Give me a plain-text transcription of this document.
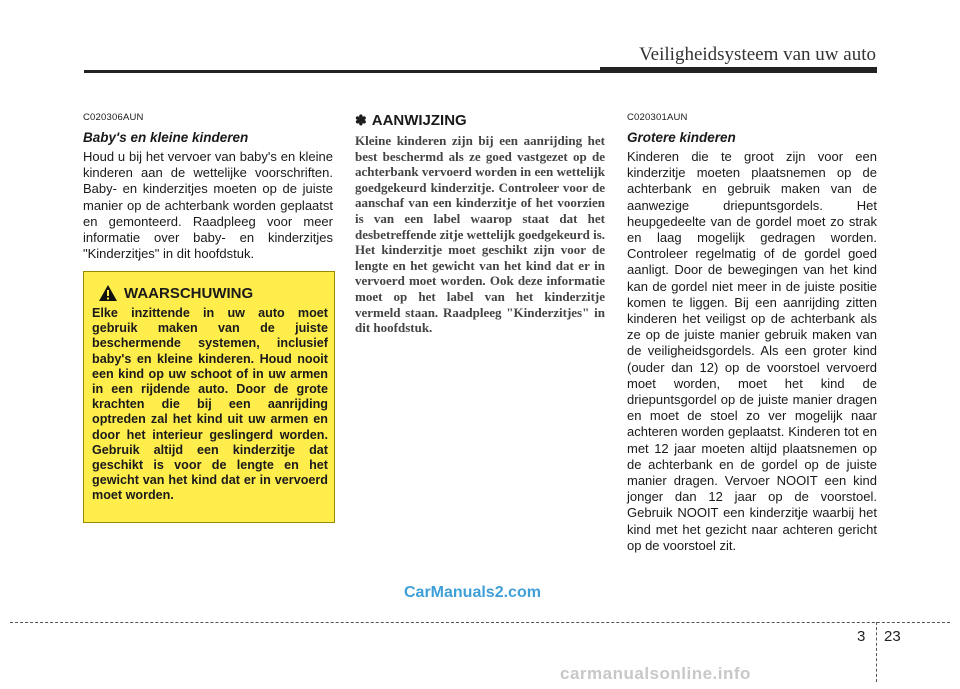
Veiligheidsysteem van uw auto

C020306AUN

Baby's en kleine kinderen

Houd u bij het vervoer van baby's en kleine kinderen aan de wettelijke voorschriften. Baby- en kinderzitjes moeten op de juiste manier op de achterbank worden geplaatst en gemonteerd. Raadpleeg voor meer informatie over baby- en kinderzitjes "Kinderzitjes" in dit hoofdstuk.

WAARSCHUWING

Elke inzittende in uw auto moet gebruik maken van de juiste beschermende systemen, inclusief baby's en kleine kinderen. Houd nooit een kind op uw schoot of in uw armen in een rijdende auto. Door de grote krachten die bij een aanrijding optreden zal het kind uit uw armen en door het interieur geslingerd worden. Gebruik altijd een kinderzitje dat geschikt is voor de lengte en het gewicht van het kind dat er in vervoerd moet worden.

✽ AANWIJZING

Kleine kinderen zijn bij een aanrijding het best beschermd als ze goed vastgezet op de achterbank vervoerd worden in een wettelijk goedgekeurd kinderzitje. Controleer voor de aanschaf van een kinderzitje of het voorzien is van een label waarop staat dat het desbetreffende zitje wettelijk goedgekeurd is. Het kinderzitje moet geschikt zijn voor de lengte en het gewicht van het kind dat er in vervoerd moet worden. Ook deze informatie moet op het label van het kinderzitje vermeld staan. Raadpleeg "Kinderzitjes" in dit hoofdstuk.

C020301AUN

Grotere kinderen

Kinderen die te groot zijn voor een kinderzitje moeten plaatsnemen op de achterbank en gebruik maken van de aanwezige driepuntsgordels. Het heupgedeelte van de gordel moet zo strak en laag mogelijk gedragen worden. Controleer regelmatig of de gordel goed aanligt. Door de bewegingen van het kind kan de gordel niet meer in de juiste positie komen te liggen. Bij een aanrijding zitten kinderen het veiligst op de achterbank als ze op de juiste manier gebruik maken van de veiligheidsgordels. Als een groter kind (ouder dan 12) op de voorstoel vervoerd moet worden, moet het kind de driepuntsgordel op de juiste manier dragen en moet de stoel zo ver mogelijk naar achteren worden geplaatst. Kinderen tot en met 12 jaar moeten altijd plaatsnemen op de achterbank en de gordel op de juiste manier dragen. Vervoer NOOIT een kind jonger dan 12 jaar op de voorstoel. Gebruik NOOIT een kinderzitje waarbij het kind met het gezicht naar achteren gericht op de voorstoel zit.

CarManuals2.com
3 23
carmanualsonline.info
